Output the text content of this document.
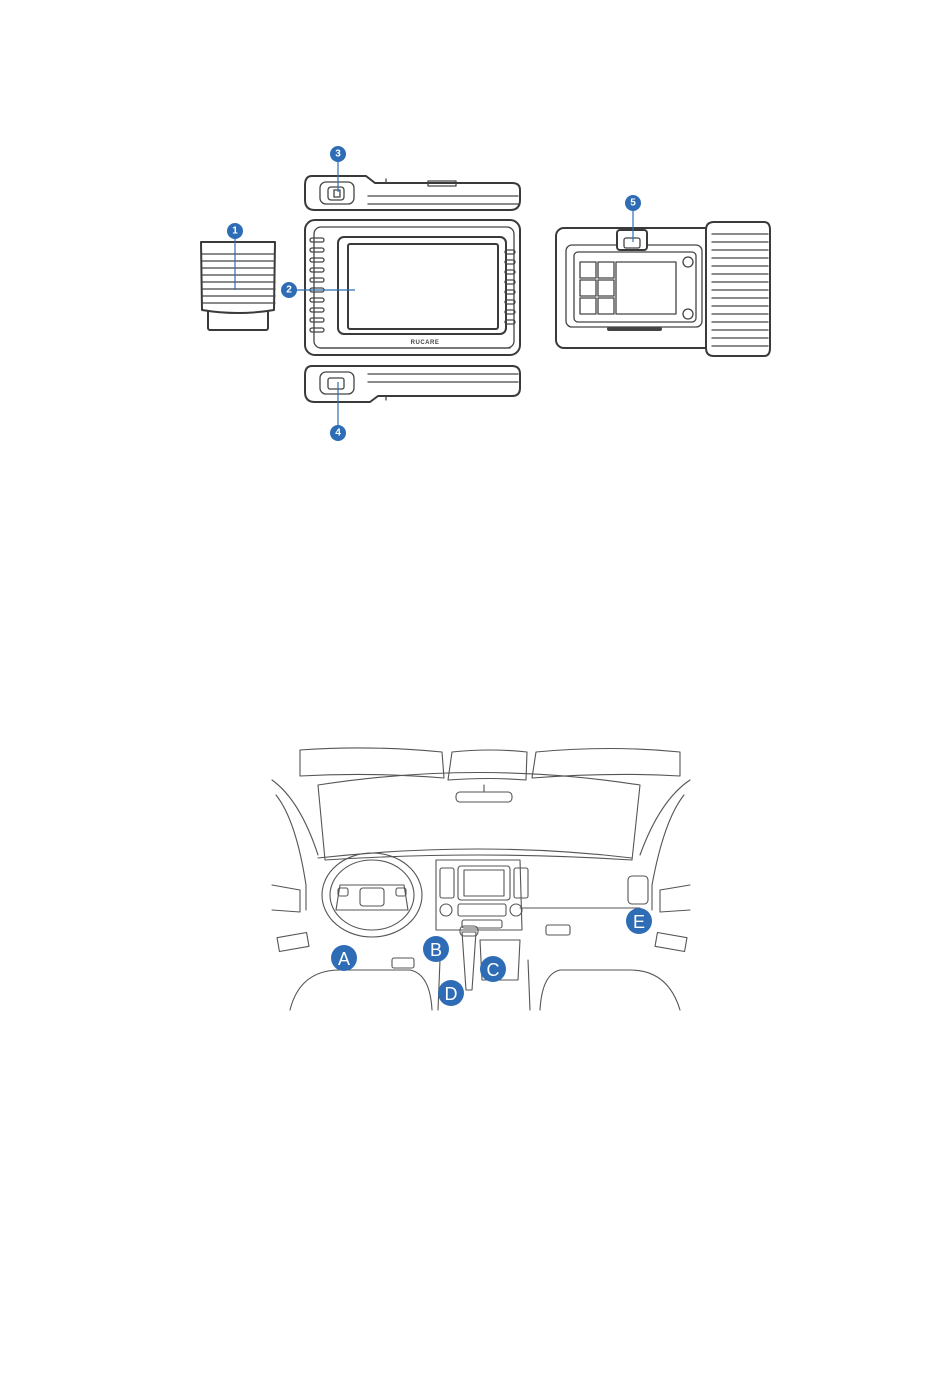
RUCARE
1
2
3
4
5
A	B
C
D
E
